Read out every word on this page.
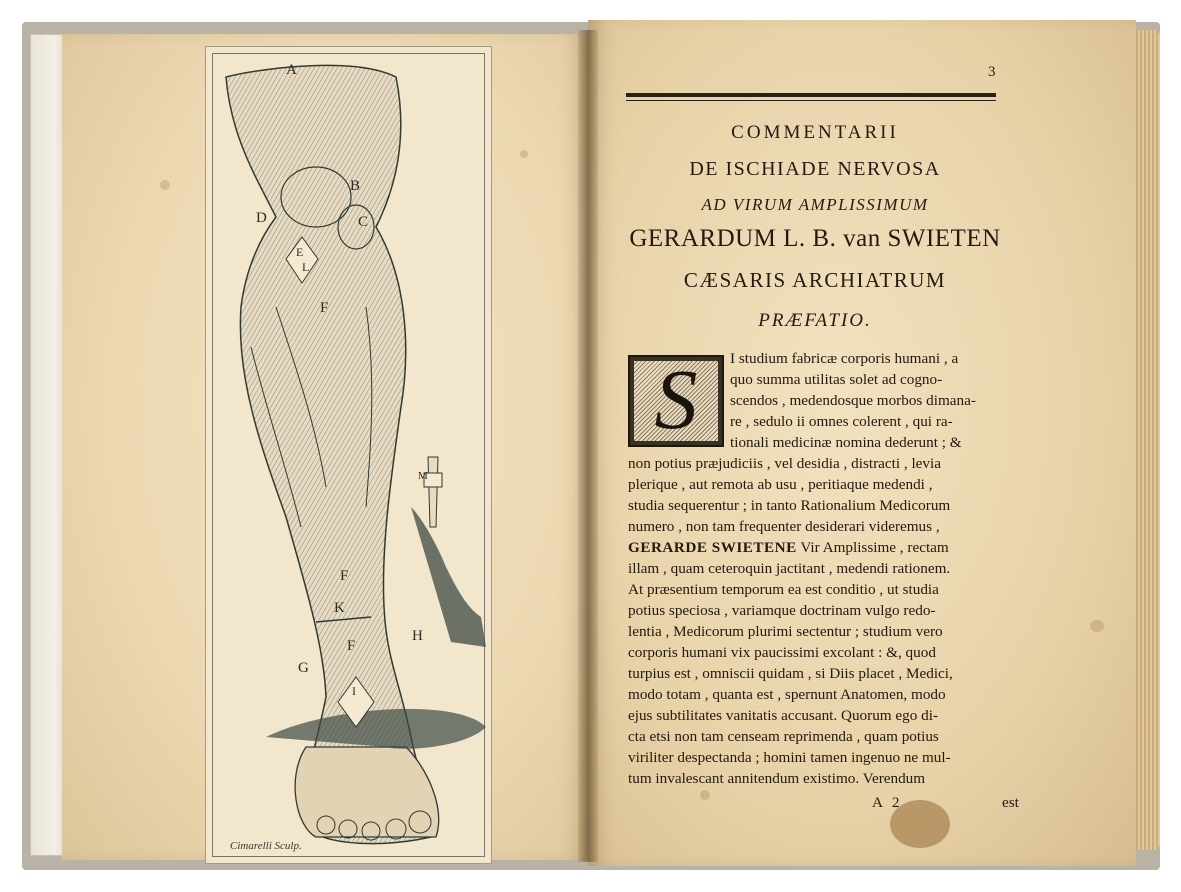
A
B
C
D
E
L
F
M
F
K
F
H
G
I
Cimarelli Sculp.
3
COMMENTARII
DE ISCHIADE NERVOSA
AD VIRUM AMPLISSIMUM
GERARDUM L. B. van SWIETEN
CÆSARIS ARCHIATRUM
PRÆFATIO.
S	I studium fabricæ corporis humani , a
quo summa utilitas solet ad cogno-
scendos , medendosque morbos dimana-
re , sedulo ii omnes colerent , qui ra-
tionali medicinæ nomina dederunt ; &
non potius præjudiciis , vel desidia , distracti , levia
plerique , aut remota ab usu , peritiaque medendi ,
studia sequerentur ; in tanto Rationalium Medicorum
numero , non tam frequenter desiderari videremus ,
GERARDE SWIETENE Vir Amplissime , rectam
illam , quam ceteroquin jactitant , medendi rationem.
At præsentium temporum ea est conditio , ut studia
potius speciosa , variamque doctrinam vulgo redo-
lentia , Medicorum plurimi sectentur ; studium vero
corporis humani vix paucissimi excolant : &, quod
turpius est , omniscii quidam , si Diis placet , Medici,
modo totam , quanta est , spernunt Anatomen, modo
ejus subtilitates vanitatis accusant. Quorum ego di-
cta etsi non tam censeam reprimenda , quam potius
viriliter despectanda ; homini tamen ingenuo ne mul-
tum invalescant annitendum existimo. Verendum
A 2	est
